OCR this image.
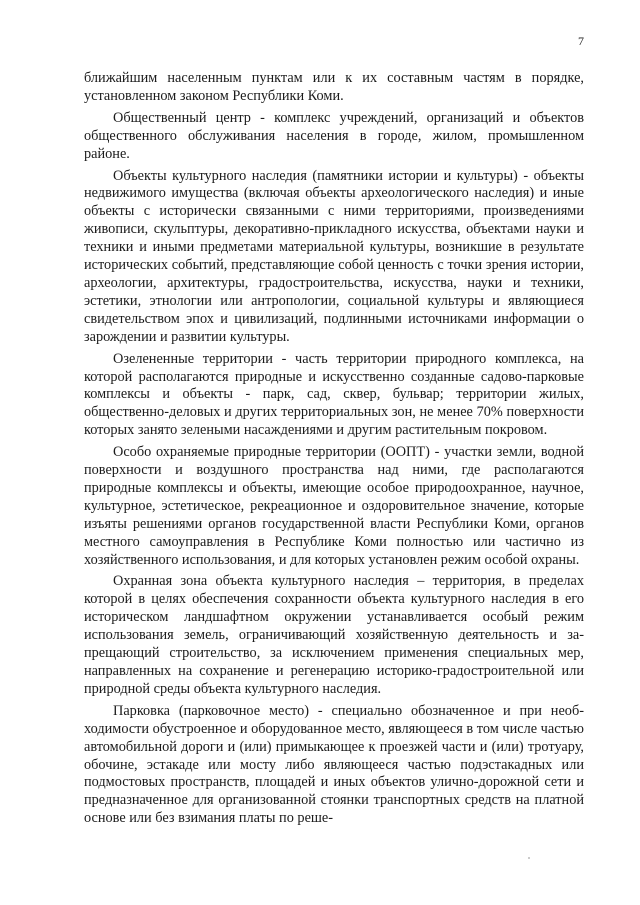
7

ближайшим населенным пунктам или к их составным частям в порядке, установленном законом Республики Коми.

Общественный центр - комплекс учреждений, организаций и объектов общественного обслуживания населения в городе, жилом, промышленном районе.

Объекты культурного наследия (памятники истории и культуры) - объекты недвижимого имущества (включая объекты археологического наследия) и иные объекты с исторически связанными с ними территориями, произведениями живописи, скульптуры, декоративно-прикладного искусства, объектами науки и техники и иными предметами материальной культуры, возникшие в результате исторических событий, представляющие собой ценность с точки зрения истории, археологии, архитектуры, градостроительства, искусства, науки и техники, эстетики, этнологии или антропологии, социальной культуры и являющиеся свидетельством эпох и цивилизаций, подлинными источниками информации о зарождении и развитии культуры.

Озелененные территории - часть территории природного комплекса, на которой располагаются природные и искусственно созданные садово-парковые комплексы и объекты - парк, сад, сквер, бульвар; территории жилых, общественно-деловых и других территориальных зон, не менее 70% поверхности которых занято зелеными насаждениями и другим растительным покровом.

Особо охраняемые природные территории (ООПТ) - участки земли, водной поверхности и воздушного пространства над ними, где располагаются природные комплексы и объекты, имеющие особое природоохранное, научное, культурное, эстетическое, рекреационное и оздоровительное значение, которые изъяты решениями органов государственной власти Республики Коми, органов местного самоуправления в Республике Коми полностью или частично из хозяйственного использования, и для которых установлен режим особой охраны.

Охранная зона объекта культурного наследия – территория, в пределах которой в целях обеспечения сохранности объекта культурного наследия в его историческом ландшафтном окружении устанавливается особый режим использования земель, ограничивающий хозяйственную деятельность и запрещающий строительство, за исключением применения специальных мер, направленных на сохранение и регенерацию историко-градостроительной или природной среды объекта культурного наследия.

Парковка (парковочное место) - специально обозначенное и при необходимости обустроенное и оборудованное место, являющееся в том числе частью автомобильной дороги и (или) примыкающее к проезжей части и (или) тротуару, обочине, эстакаде или мосту либо являющееся частью подэстакадных или подмостовых пространств, площадей и иных объектов улично-дорожной сети и предназначенное для организованной стоянки транспортных средств на платной основе или без взимания платы по реше-
